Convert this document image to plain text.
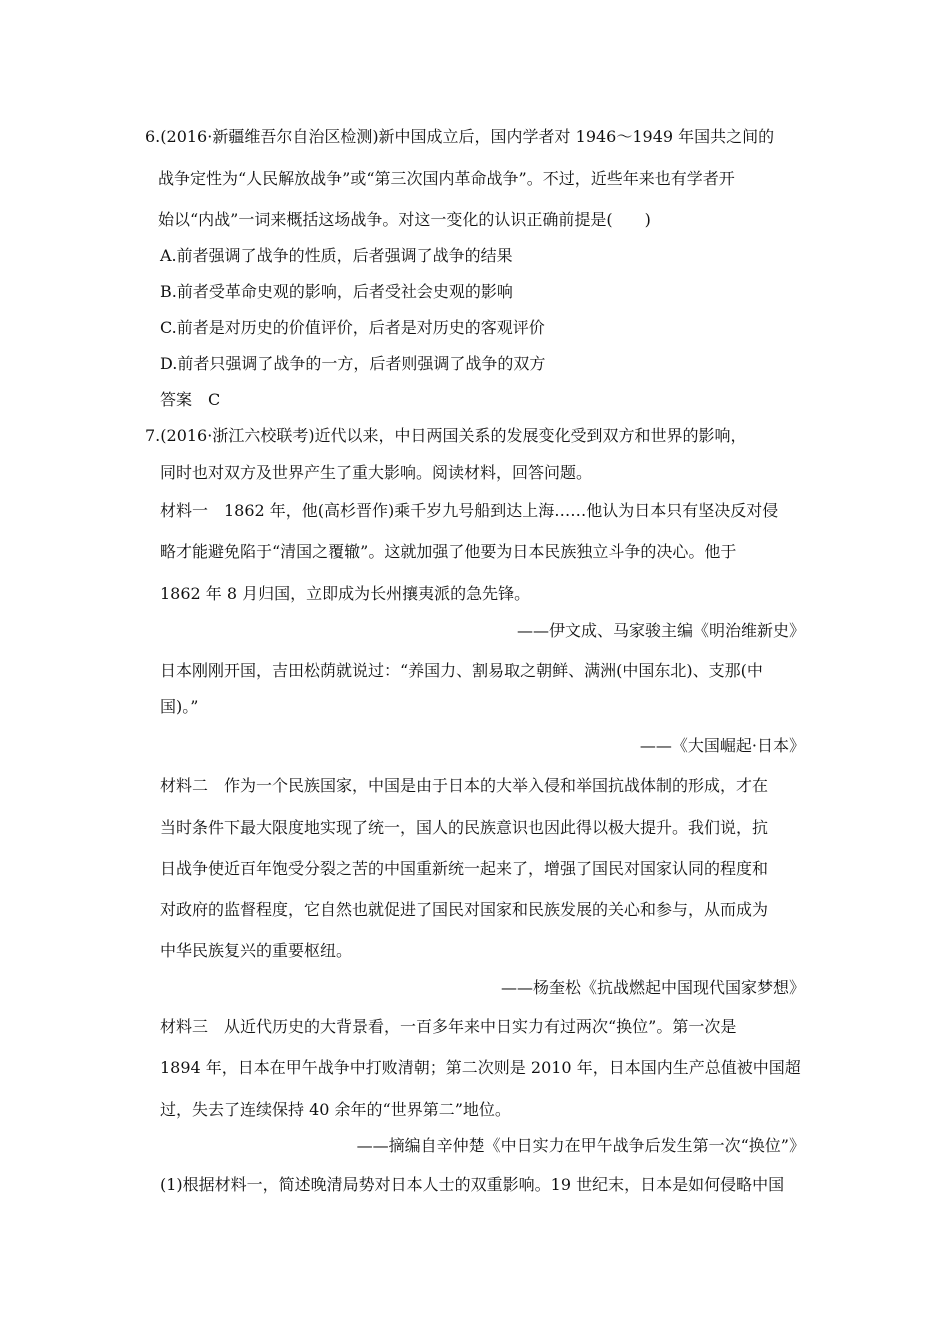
6.(2016·新疆维吾尔自治区检测)新中国成立后，国内学者对 1946～1949 年国共之间的
战争定性为“人民解放战争”或“第三次国内革命战争”。不过，近些年来也有学者开
始以“内战”一词来概括这场战争。对这一变化的认识正确前提是(　　)
A.前者强调了战争的性质，后者强调了战争的结果
B.前者受革命史观的影响，后者受社会史观的影响
C.前者是对历史的价值评价，后者是对历史的客观评价
D.前者只强调了战争的一方，后者则强调了战争的双方
答案　C
7.(2016·浙江六校联考)近代以来，中日两国关系的发展变化受到双方和世界的影响，
同时也对双方及世界产生了重大影响。阅读材料，回答问题。
材料一　1862 年，他(高杉晋作)乘千岁九号船到达上海……他认为日本只有坚决反对侵
略才能避免陷于“清国之覆辙”。这就加强了他要为日本民族独立斗争的决心。他于
1862 年 8 月归国，立即成为长州攘夷派的急先锋。
——伊文成、马家骏主编《明治维新史》
日本刚刚开国，吉田松荫就说过：“养国力、割易取之朝鲜、满洲(中国东北)、支那(中
国)。”
——《大国崛起·日本》
材料二　作为一个民族国家，中国是由于日本的大举入侵和举国抗战体制的形成，才在
当时条件下最大限度地实现了统一，国人的民族意识也因此得以极大提升。我们说，抗
日战争使近百年饱受分裂之苦的中国重新统一起来了，增强了国民对国家认同的程度和
对政府的监督程度，它自然也就促进了国民对国家和民族发展的关心和参与，从而成为
中华民族复兴的重要枢纽。
——杨奎松《抗战燃起中国现代国家梦想》
材料三　从近代历史的大背景看，一百多年来中日实力有过两次“换位”。第一次是
1894 年，日本在甲午战争中打败清朝；第二次则是 2010 年，日本国内生产总值被中国超
过，失去了连续保持 40 余年的“世界第二”地位。
——摘编自辛仲楚《中日实力在甲午战争后发生第一次“换位”》
(1)根据材料一，简述晚清局势对日本人士的双重影响。19 世纪末，日本是如何侵略中国
